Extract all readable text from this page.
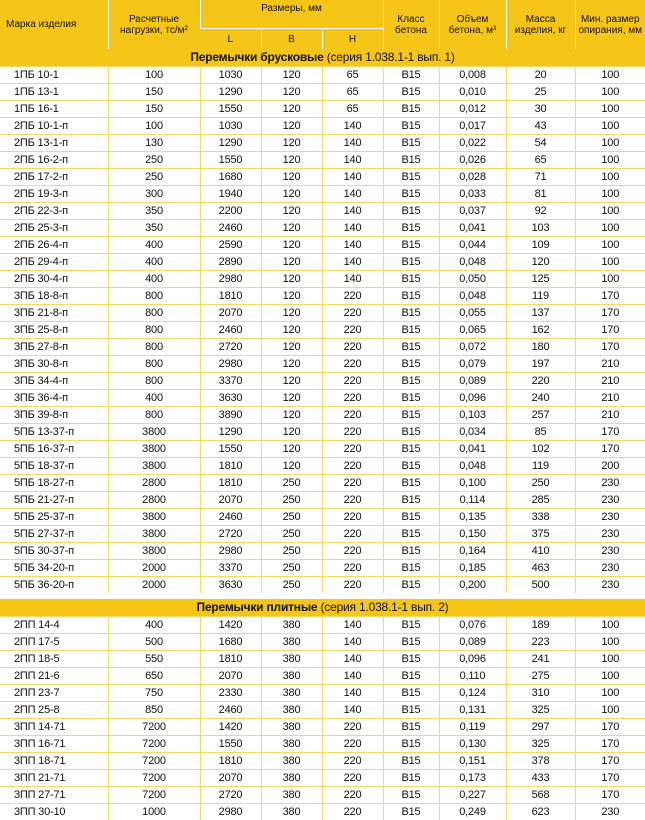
Марка изделия	Расчетные нагрузки, тс/м²	Размеры, мм			Класс бетона	Объем бетона, м³	Масса изделия, кг	Мин. размер опирания, мм
		L	B	H				
Перемычки брусковые (серия 1.038.1-1 вып. 1)								
1ПБ 10-1	100	1030	120	65	В15	0,008	20	100
1ПБ 13-1	150	1290	120	65	В15	0,010	25	100
1ПБ 16-1	150	1550	120	65	В15	0,012	30	100
2ПБ 10-1-п	100	1030	120	140	В15	0,017	43	100
2ПБ 13-1-п	130	1290	120	140	В15	0,022	54	100
2ПБ 16-2-п	250	1550	120	140	В15	0,026	65	100
2ПБ 17-2-п	250	1680	120	140	В15	0,028	71	100
2ПБ 19-3-п	300	1940	120	140	В15	0,033	81	100
2ПБ 22-3-п	350	2200	120	140	В15	0,037	92	100
2ПБ 25-3-п	350	2460	120	140	В15	0,041	103	100
2ПБ 26-4-п	400	2590	120	140	В15	0,044	109	100
2ПБ 29-4-п	400	2890	120	140	В15	0,048	120	100
2ПБ 30-4-п	400	2980	120	140	В15	0,050	125	100
3ПБ 18-8-п	800	1810	120	220	В15	0,048	119	170
3ПБ 21-8-п	800	2070	120	220	В15	0,055	137	170
3ПБ 25-8-п	800	2460	120	220	В15	0,065	162	170
3ПБ 27-8-п	800	2720	120	220	В15	0,072	180	170
3ПБ 30-8-п	800	2980	120	220	В15	0,079	197	210
3ПБ 34-4-п	800	3370	120	220	В15	0,089	220	210
3ПБ 36-4-п	400	3630	120	220	В15	0,096	240	210
3ПБ 39-8-п	800	3890	120	220	В15	0,103	257	210
5ПБ 13-37-п	3800	1290	120	220	В15	0,034	85	170
5ПБ 16-37-п	3800	1550	120	220	В15	0,041	102	170
5ПБ 18-37-п	3800	1810	120	220	В15	0,048	119	200
5ПБ 18-27-п	2800	1810	250	220	В15	0,100	250	230
5ПБ 21-27-п	2800	2070	250	220	В15	0,114	285	230
5ПБ 25-37-п	3800	2460	250	220	В15	0,135	338	230
5ПБ 27-37-п	3800	2720	250	220	В15	0,150	375	230
5ПБ 30-37-п	3800	2980	250	220	В15	0,164	410	230
5ПБ 34-20-п	2000	3370	250	220	В15	0,185	463	230
5ПБ 36-20-п	2000	3630	250	220	В15	0,200	500	230

Перемычки плитные (серия 1.038.1-1 вып. 2)								
2ПП 14-4	400	1420	380	140	В15	0,076	189	100
2ПП 17-5	500	1680	380	140	В15	0,089	223	100
2ПП 18-5	550	1810	380	140	В15	0,096	241	100
2ПП 21-6	650	2070	380	140	В15	0,110	275	100
2ПП 23-7	750	2330	380	140	В15	0,124	310	100
2ПП 25-8	850	2460	380	140	В15	0,131	325	100
3ПП 14-71	7200	1420	380	220	В15	0,119	297	170
3ПП 16-71	7200	1550	380	220	В15	0,130	325	170
3ПП 18-71	7200	1810	380	220	В15	0,151	378	170
3ПП 21-71	7200	2070	380	220	В15	0,173	433	170
3ПП 27-71	7200	2720	380	220	В15	0,227	568	170
3ПП 30-10	1000	2980	380	220	В15	0,249	623	230
